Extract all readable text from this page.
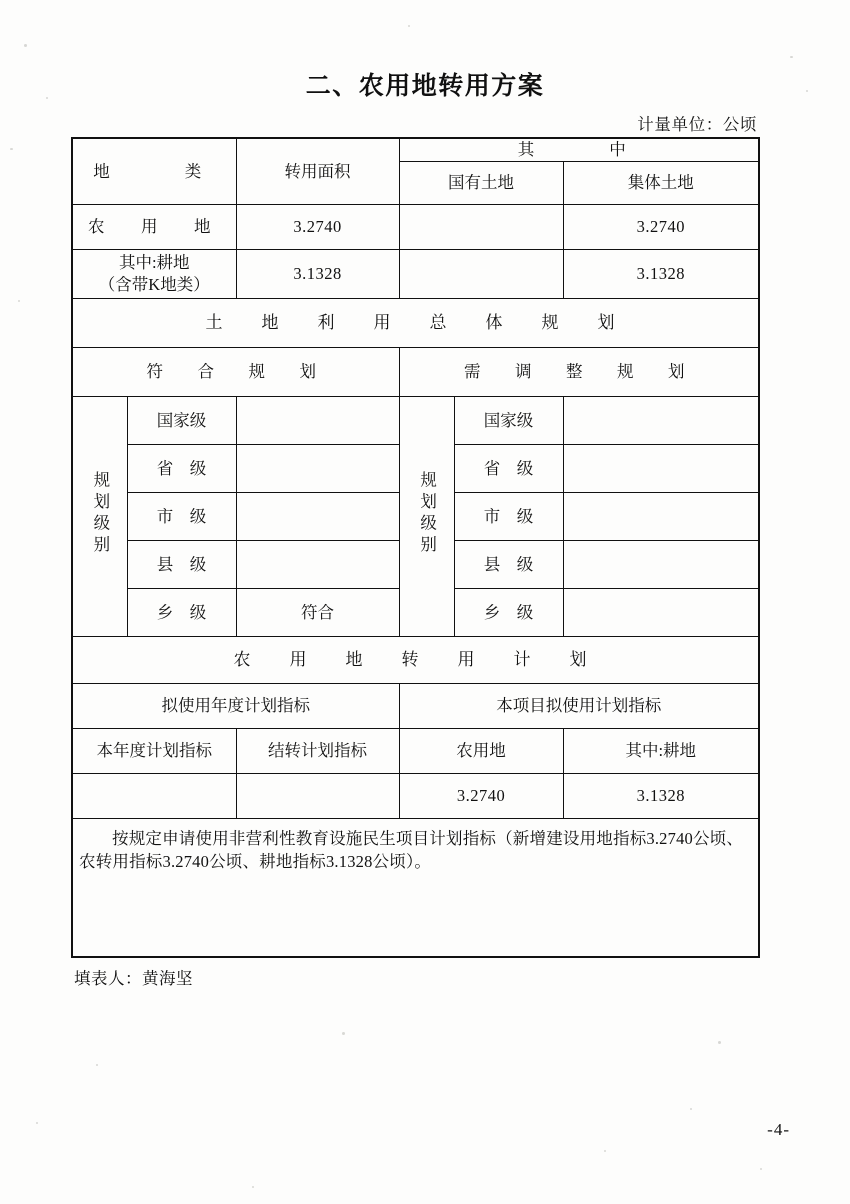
二、农用地转用方案
计量单位：公顷
地　　类		转用面积	其　　中		
			国有土地		集体土地
农　用　地		3.2740			3.2740

其中:耕地
（含带K地类）		3.1328			3.1328
土　地　利　用　总　体　规　划					
符　合　规　划			需　调　整　规　划		
规划级别	国家级		规划级别	国家级	
	省　级			省　级	
	市　级			市　级	
	县　级			县　级	
	乡　级	符合		乡　级	
农　用　地　转　用　计　划					
拟使用年度计划指标			本项目拟使用计划指标		
本年度计划指标		结转计划指标	农用地		其中:耕地
			3.2740		3.1328

按规定申请使用非营利性教育设施民生项目计划指标（新增建设用地指标3.2740公顷、农转用指标3.2740公顷、耕地指标3.1328公顷）。					

填表人：黄海坚
-4-
